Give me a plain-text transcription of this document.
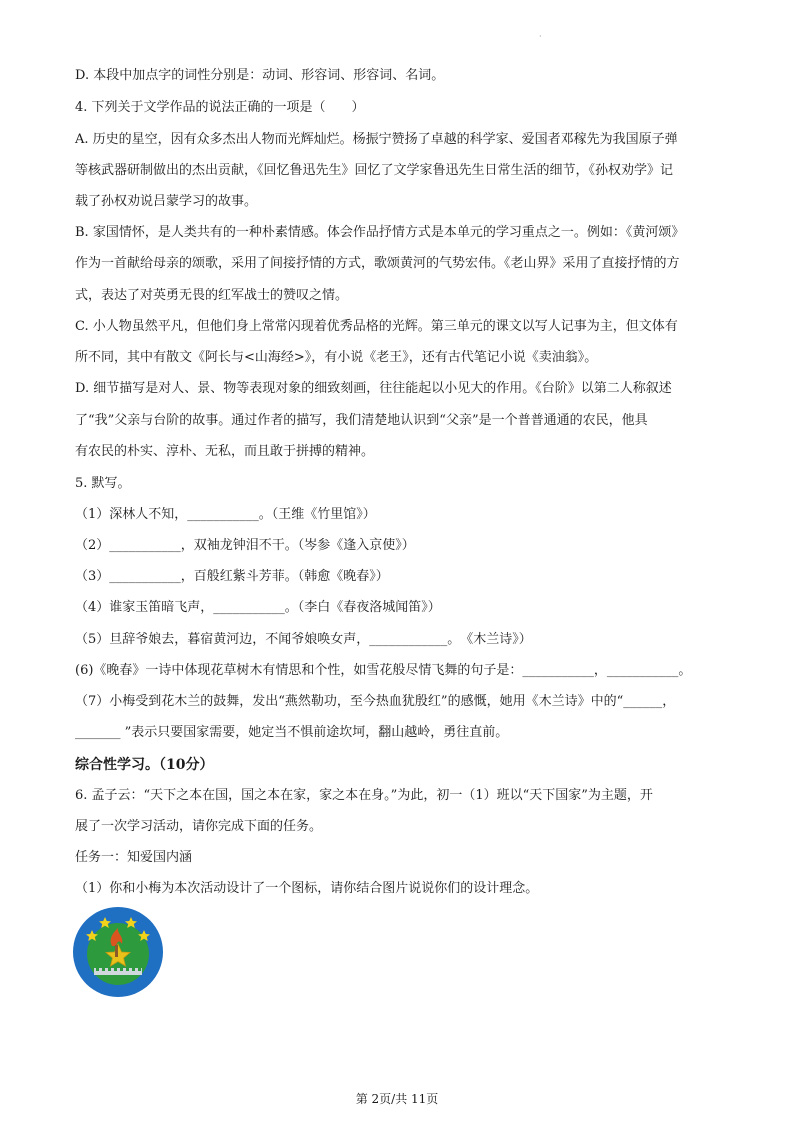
·
D. 本段中加点字的词性分别是：动词、形容词、形容词、名词。
4. 下列关于文学作品的说法正确的一项是（　　）
A. 历史的星空，因有众多杰出人物而光辉灿烂。杨振宁赞扬了卓越的科学家、爱国者邓稼先为我国原子弹
等核武器研制做出的杰出贡献，《回忆鲁迅先生》回忆了文学家鲁迅先生日常生活的细节，《孙权劝学》记
载了孙权劝说吕蒙学习的故事。
B. 家国情怀，是人类共有的一种朴素情感。体会作品抒情方式是本单元的学习重点之一。例如：《黄河颂》
作为一首献给母亲的颂歌，采用了间接抒情的方式，歌颂黄河的气势宏伟。《老山界》采用了直接抒情的方
式，表达了对英勇无畏的红军战士的赞叹之情。
C. 小人物虽然平凡，但他们身上常常闪现着优秀品格的光辉。第三单元的课文以写人记事为主，但文体有
所不同，其中有散文《阿长与<山海经>》，有小说《老王》，还有古代笔记小说《卖油翁》。
D. 细节描写是对人、景、物等表现对象的细致刻画，往往能起以小见大的作用。《台阶》以第二人称叙述
了“我”父亲与台阶的故事。通过作者的描写，我们清楚地认识到“父亲”是一个普普通通的农民，他具
有农民的朴实、淳朴、无私，而且敢于拼搏的精神。
5. 默写。
（1）深林人不知，___________。（王维《竹里馆》）
（2）___________，双袖龙钟泪不干。（岑参《逢入京使》）
（3）___________，百般红紫斗芳菲。（韩愈《晚春》）
（4）谁家玉笛暗飞声，___________。（李白《春夜洛城闻笛》）
（5）旦辞爷娘去，暮宿黄河边，不闻爷娘唤女声，____________。　《木兰诗》）
(6)《晚春》一诗中体现花草树木有情思和个性，如雪花般尽情飞舞的句子是：___________，___________。
（7）小梅受到花木兰的鼓舞，发出“燕然勒功，至今热血犹殷红”的感慨，她用《木兰诗》中的“______，
_______ ”表示只要国家需要，她定当不惧前途坎坷，翻山越岭，勇往直前。
综合性学习。（10分）
6. 孟子云：“天下之本在国，国之本在家，家之本在身。”为此，初一（1）班以“天下国家”为主题，开
展了一次学习活动，请你完成下面的任务。
任务一：知爱国内涵
（1）你和小梅为本次活动设计了一个图标，请你结合图片说说你们的设计理念。
第 2页/共 11页
